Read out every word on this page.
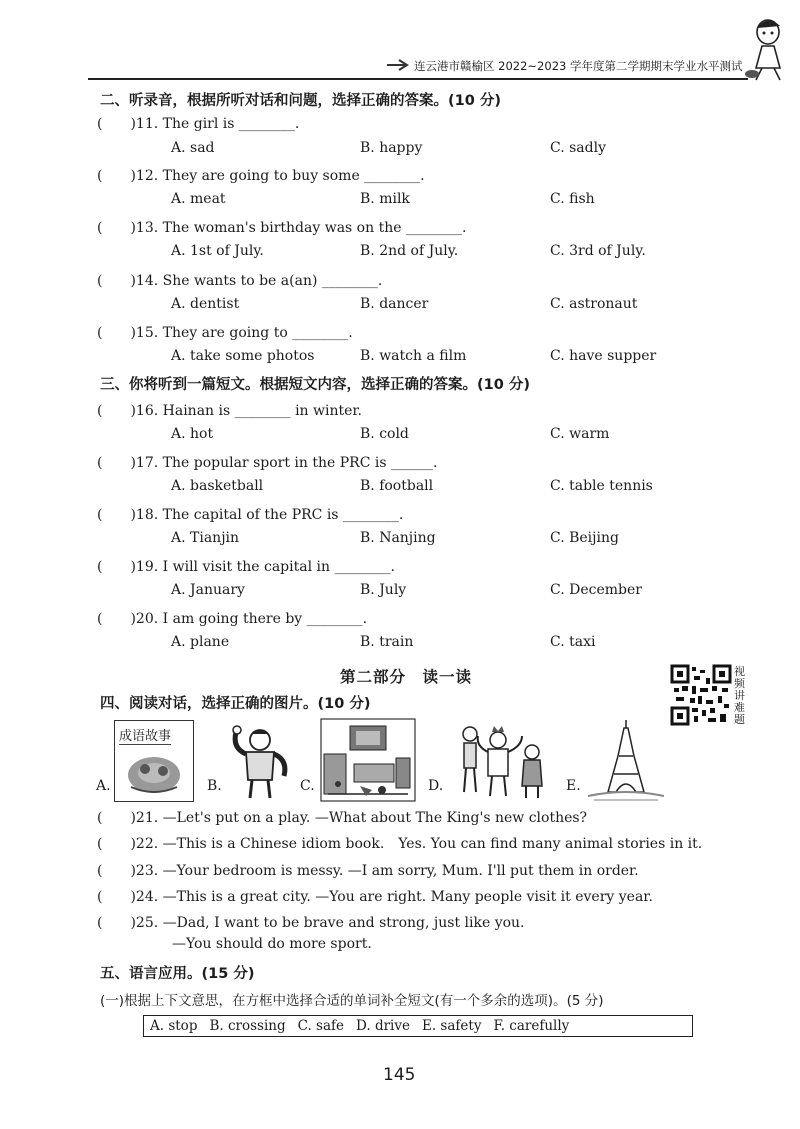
连云港市赣榆区 2022~2023 学年度第二学期期末学业水平测试
二、听录音，根据所听对话和问题，选择正确的答案。(10 分)
(　　)11. The girl is ________.
A. sad	B. happy	C. sadly
(　　)12. They are going to buy some ________.
A. meat	B. milk	C. fish
(　　)13. The woman's birthday was on the ________.
A. 1st of July.	B. 2nd of July.	C. 3rd of July.
(　　)14. She wants to be a(an) ________.
A. dentist	B. dancer	C. astronaut
(　　)15. They are going to ________.
A. take some photos	B. watch a film	C. have supper
三、你将听到一篇短文。根据短文内容，选择正确的答案。(10 分)
(　　)16. Hainan is ________ in winter.
A. hot	B. cold	C. warm
(　　)17. The popular sport in the PRC is ______.
A. basketball	B. football	C. table tennis
(　　)18. The capital of the PRC is ________.
A. Tianjin	B. Nanjing	C. Beijing
(　　)19. I will visit the capital in ________.
A. January	B. July	C. December
(　　)20. I am going there by ________.
A. plane	B. train	C. taxi
第二部分　读一读	视频讲难题
四、阅读对话，选择正确的图片。(10 分)
A.
成语故事
B.	C.	D.	E.
(　　)21. —Let's put on a play. —What about The King's new clothes?
(　　)22. —This is a Chinese idiom book.　Yes. You can find many animal stories in it.
(　　)23. —Your bedroom is messy. —I am sorry, Mum. I'll put them in order.
(　　)24. —This is a great city. —You are right. Many people visit it every year.
(　　)25. —Dad, I want to be brave and strong, just like you.
—You should do more sport.
五、语言应用。(15 分)
(一)根据上下文意思，在方框中选择合适的单词补全短文(有一个多余的选项)。(5 分)
A. stop B. crossing C. safe D. drive E. safety F. carefully
145
